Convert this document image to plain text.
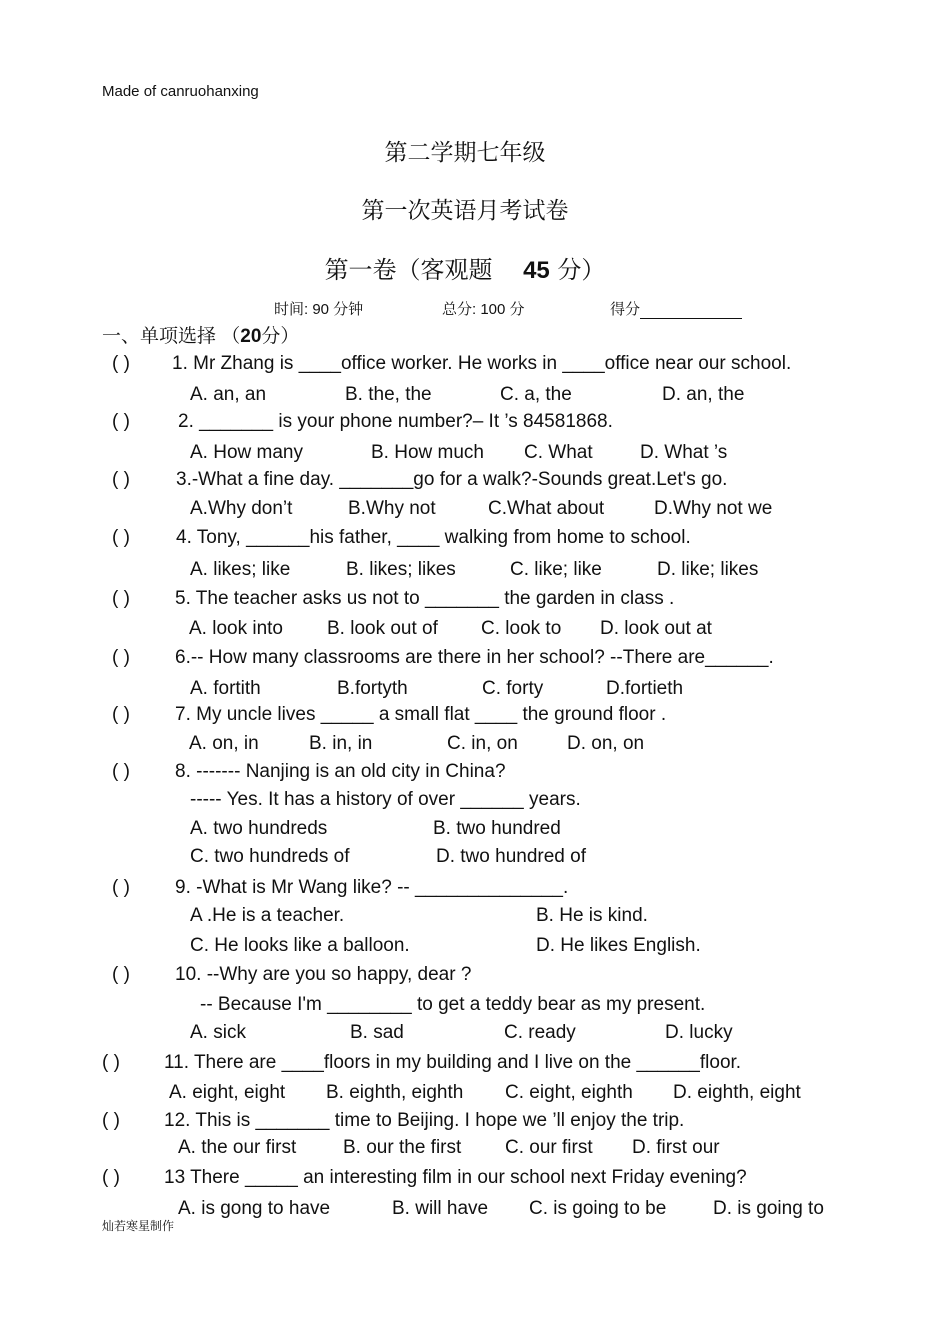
Made of canruohanxing
第二学期七年级
第一次英语月考试卷
第一卷（客观题 45 分）
时间: 90 分钟	总分: 100 分	得分
一、单项选择 （20分）
( ) 1. Mr Zhang is ____office worker. He works in ____office near our school.
A. an, an	B. the, the	C. a, the	D. an, the
( )	2. _______ is your phone number?– It ’s 84581868.
A. How many	B. How much C. What D. What ’s
( ) 3.-What a fine day. _______go for a walk?-Sounds great.Let's go.
A.Why don’t	B.Why not	C.What about	D.Why not we
( ) 4. Tony, ______his father, ____ walking from home to school.
A. likes; like	B. likes; likes	C. like; like	D. like; likes
( ) 5. The teacher asks us not to _______ the garden in class .
A. look into B. look out of C. look to D. look out at
( ) 6.-- How many classrooms are there in her school? --There are______.
A. fortith	B.fortyth	C. forty	D.fortieth
( ) 7. My uncle lives _____ a small flat ____ the ground floor .
A. on, in	B. in, in	C. in, on	D. on, on
( ) 8. ------- Nanjing is an old city in China?
----- Yes. It has a history of over ______ years.
A. two hundreds	B. two hundred
C. two hundreds of	D. two hundred of
( ) 9. -What is Mr Wang like? -- ______________.
A .He is a teacher.	B. He is kind.
C. He looks like a balloon.	D. He likes English.
( ) 10. --Why are you so happy, dear ?
-- Because I'm ________ to get a teddy bear as my present.
A. sick	B. sad	C. ready	D. lucky
( ) 11. There are ____floors in my building and I live on the ______floor.
A. eight, eight B. eighth, eighth C. eight, eighth D. eighth, eight
( ) 12. This is _______ time to Beijing. I hope we ’ll enjoy the trip.
A. the our first B. our the first C. our first D. first our
( ) 13 There _____ an interesting film in our school next Friday evening?
A. is gong to have	B. will have C. is going to be D. is going to
灿若寒星制作
